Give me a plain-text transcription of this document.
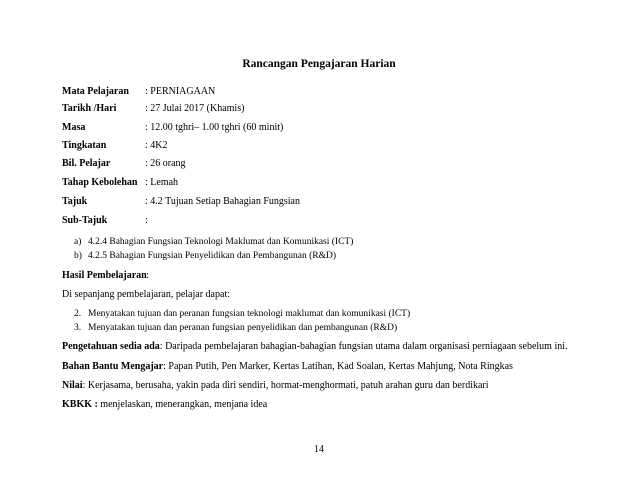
Rancangan Pengajaran Harian
Mata Pelajaran : PERNIAGAAN
Tarikh /Hari	: 27 Julai 2017 (Khamis)
Masa	: 12.00 tghri– 1.00 tghri (60 minit)
Tingkatan	: 4K2
Bil. Pelajar	: 26 orang
Tahap Kebolehan : Lemah
Tajuk	: 4.2 Tujuan Setiap Bahagian Fungsian
Sub-Tajuk	:
a) 4.2.4 Bahagian Fungsian Teknologi Maklumat dan Komunikasi (ICT)
b) 4.2.5 Bahagian Fungsian Penyelidikan dan Pembangunan (R&D)
Hasil Pembelajaran :
Di sepanjang pembelajaran, pelajar dapat:
2. Menyatakan tujuan dan peranan fungsian teknologi maklumat dan komunikasi (ICT)
3. Menyatakan tujuan dan peranan fungsian penyelidikan dan pembangunan (R&D)
Pengetahuan sedia ada: Daripada pembelajaran bahagian-bahagian fungsian utama dalam organisasi perniagaan sebelum ini.
Bahan Bantu Mengajar: Papan Putih, Pen Marker, Kertas Latihan, Kad Soalan, Kertas Mahjung, Nota Ringkas
Nilai: Kerjasama, berusaha, yakin pada diri sendiri, hormat-menghormati, patuh arahan guru dan berdikari
KBKK : menjelaskan, menerangkan, menjana idea
14
